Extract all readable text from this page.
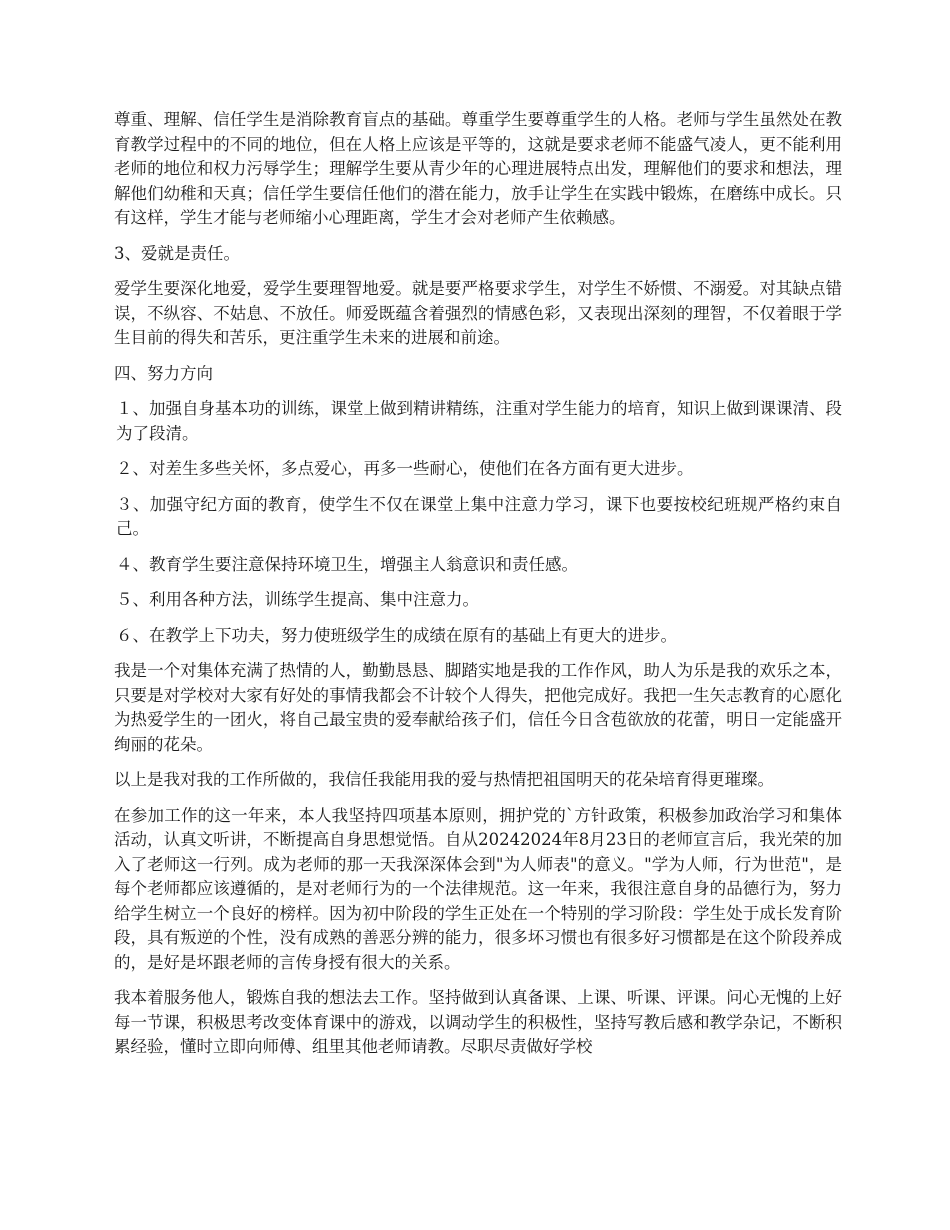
尊重、理解、信任学生是消除教育盲点的基础。尊重学生要尊重学生的人格。老师与学生虽然处在教育教学过程中的不同的地位，但在人格上应该是平等的，这就是要求老师不能盛气凌人，更不能利用老师的地位和权力污辱学生；理解学生要从青少年的心理进展特点出发，理解他们的要求和想法，理解他们幼稚和天真；信任学生要信任他们的潜在能力，放手让学生在实践中锻炼，在磨练中成长。只有这样，学生才能与老师缩小心理距离，学生才会对老师产生依赖感。

3、爱就是责任。

爱学生要深化地爱，爱学生要理智地爱。就是要严格要求学生，对学生不娇惯、不溺爱。对其缺点错误，不纵容、不姑息、不放任。师爱既蕴含着强烈的情感色彩，又表现出深刻的理智，不仅着眼于学生目前的得失和苦乐，更注重学生未来的进展和前途。

四、努力方向

１、加强自身基本功的训练，课堂上做到精讲精练，注重对学生能力的培育，知识上做到课课清、段为了段清。

２、对差生多些关怀，多点爱心，再多一些耐心，使他们在各方面有更大进步。

３、加强守纪方面的教育，使学生不仅在课堂上集中注意力学习，课下也要按校纪班规严格约束自己。

４、教育学生要注意保持环境卫生，增强主人翁意识和责任感。

５、利用各种方法，训练学生提高、集中注意力。

６、在教学上下功夫，努力使班级学生的成绩在原有的基础上有更大的进步。

我是一个对集体充满了热情的人，勤勤恳恳、脚踏实地是我的工作作风，助人为乐是我的欢乐之本，只要是对学校对大家有好处的事情我都会不计较个人得失，把他完成好。我把一生矢志教育的心愿化为热爱学生的一团火，将自己最宝贵的爱奉献给孩子们，信任今日含苞欲放的花蕾，明日一定能盛开绚丽的花朵。

以上是我对我的工作所做的，我信任我能用我的爱与热情把祖国明天的花朵培育得更璀璨。

在参加工作的这一年来，本人我坚持四项基本原则，拥护党的`方针政策，积极参加政治学习和集体活动，认真文听讲，不断提高自身思想觉悟。自从20242024年8月23日的老师宣言后，我光荣的加入了老师这一行列。成为老师的那一天我深深体会到"为人师表"的意义。"学为人师，行为世范"，是每个老师都应该遵循的，是对老师行为的一个法律规范。这一年来，我很注意自身的品德行为，努力给学生树立一个良好的榜样。因为初中阶段的学生正处在一个特别的学习阶段：学生处于成长发育阶段，具有叛逆的个性，没有成熟的善恶分辨的能力，很多坏习惯也有很多好习惯都是在这个阶段养成的，是好是坏跟老师的言传身授有很大的关系。

我本着服务他人，锻炼自我的想法去工作。坚持做到认真备课、上课、听课、评课。问心无愧的上好每一节课，积极思考改变体育课中的游戏，以调动学生的积极性，坚持写教后感和教学杂记，不断积累经验，懂时立即向师傅、组里其他老师请教。尽职尽责做好学校
